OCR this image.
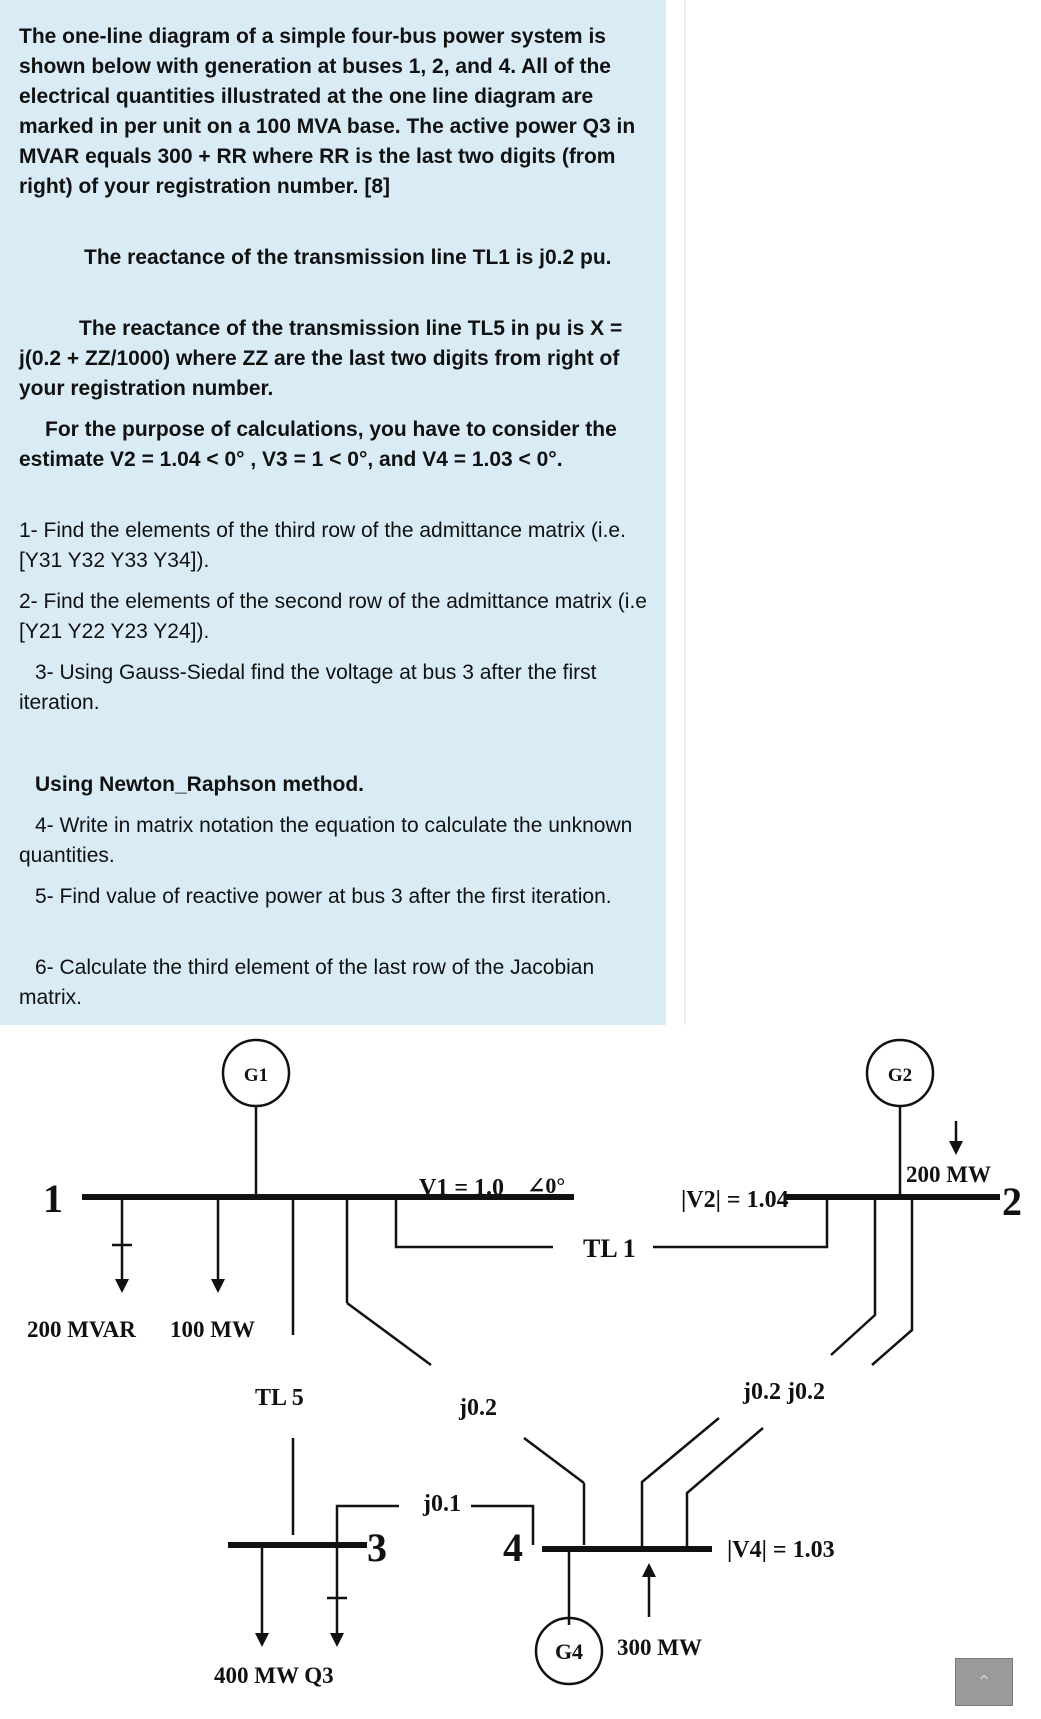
The one-line diagram of a simple four-bus power system is shown below with generation at buses 1, 2, and 4. All of the electrical quantities illustrated at the one line diagram are marked in per unit on a 100 MVA base. The active power Q3 in MVAR equals 300 + RR where RR is the last two digits (from right) of your registration number. [8]

The reactance of the transmission line TL1 is j0.2 pu.

The reactance of the transmission line TL5 in pu is X = j(0.2 + ZZ/1000) where ZZ are the last two digits from right of your registration number.

For the purpose of calculations, you have to consider the estimate V2 = 1.04 < 0° , V3 = 1 < 0°, and V4 = 1.03 < 0°.

1- Find the elements of the third row of the admittance matrix (i.e. [Y31 Y32 Y33 Y34]).

2- Find the elements of the second row of the admittance matrix (i.e [Y21 Y22 Y23 Y24]).

3- Using Gauss-Siedal find the voltage at bus 3 after the first iteration.

Using Newton_Raphson method.

4- Write in matrix notation the equation to calculate the unknown quantities.

5- Find value of reactive power at bus 3 after the first iteration.

6- Calculate the third element of the last row of the Jacobian matrix.

G1
G4
1
3	4
V1 = 1.0 ∠0°
|V2| = 1.04
|V4| = 1.03
TL 1
TL 5
200 MVAR 100 MW
j0.2
j0.2 j0.2
j0.1
400 MW Q3
300 MW
G2
200 MW
2
⌃
